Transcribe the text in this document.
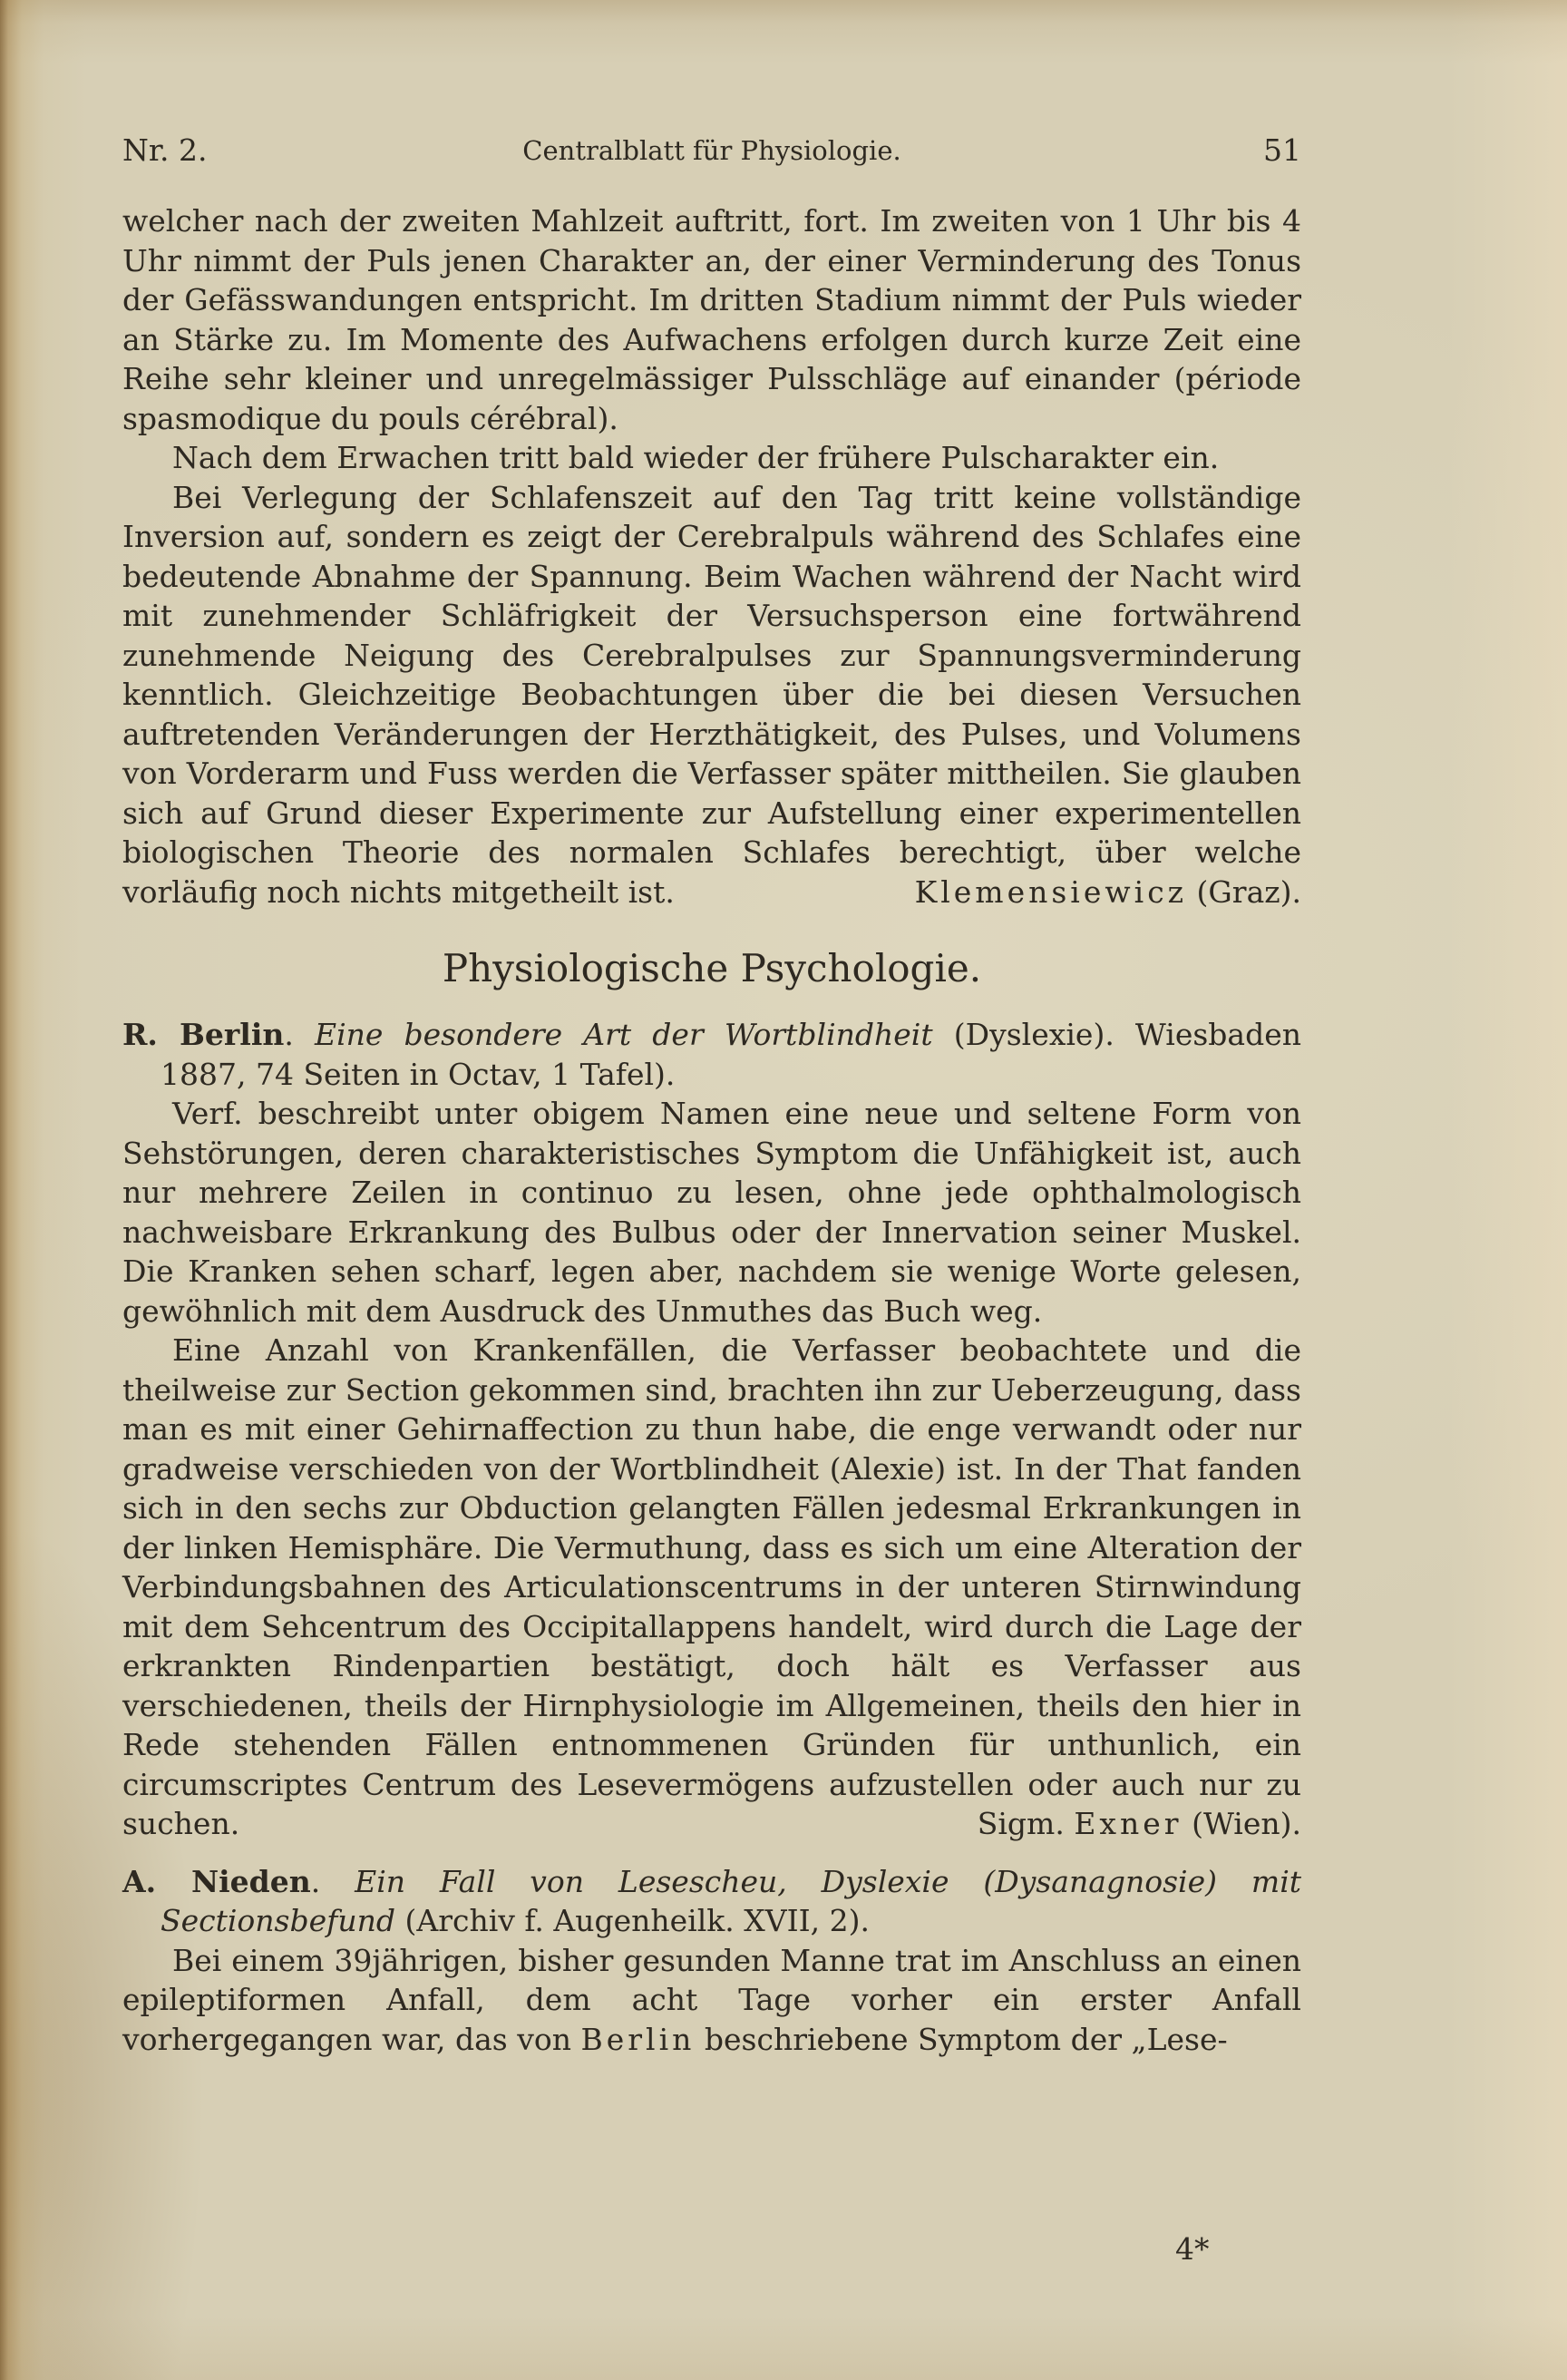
Nr. 2.	Centralblatt für Physiologie.	51

welcher nach der zweiten Mahlzeit auftritt, fort. Im zweiten von 1 Uhr bis 4 Uhr nimmt der Puls jenen Charakter an, der einer Verminderung des Tonus der Gefässwandungen entspricht. Im dritten Stadium nimmt der Puls wieder an Stärke zu. Im Momente des Aufwachens erfolgen durch kurze Zeit eine Reihe sehr kleiner und unregelmässiger Pulsschläge auf einander (période spasmodique du pouls cérébral).

Nach dem Erwachen tritt bald wieder der frühere Pulscharakter ein.

Bei Verlegung der Schlafenszeit auf den Tag tritt keine vollständige Inversion auf, sondern es zeigt der Cerebralpuls während des Schlafes eine bedeutende Abnahme der Spannung. Beim Wachen während der Nacht wird mit zunehmender Schläfrigkeit der Versuchsperson eine fortwährend zunehmende Neigung des Cerebralpulses zur Spannungsverminderung kenntlich. Gleichzeitige Beobachtungen über die bei diesen Versuchen auftretenden Veränderungen der Herzthätigkeit, des Pulses, und Volumens von Vorderarm und Fuss werden die Verfasser später mittheilen. Sie glauben sich auf Grund dieser Experimente zur Aufstellung einer experimentellen biologischen Theorie des normalen Schlafes berechtigt, über welche vorläufig noch nichts mitgetheilt ist.	Klemensiewicz (Graz).

Physiologische Psychologie.

R. Berlin. Eine besondere Art der Wortblindheit (Dyslexie). Wiesbaden 1887, 74 Seiten in Octav, 1 Tafel).

Verf. beschreibt unter obigem Namen eine neue und seltene Form von Sehstörungen, deren charakteristisches Symptom die Unfähigkeit ist, auch nur mehrere Zeilen in continuo zu lesen, ohne jede ophthalmologisch nachweisbare Erkrankung des Bulbus oder der Innervation seiner Muskel. Die Kranken sehen scharf, legen aber, nachdem sie wenige Worte gelesen, gewöhnlich mit dem Ausdruck des Unmuthes das Buch weg.

Eine Anzahl von Krankenfällen, die Verfasser beobachtete und die theilweise zur Section gekommen sind, brachten ihn zur Ueberzeugung, dass man es mit einer Gehirnaffection zu thun habe, die enge verwandt oder nur gradweise verschieden von der Wortblindheit (Alexie) ist. In der That fanden sich in den sechs zur Obduction gelangten Fällen jedesmal Erkrankungen in der linken Hemisphäre. Die Vermuthung, dass es sich um eine Alteration der Verbindungsbahnen des Articulationscentrums in der unteren Stirnwindung mit dem Sehcentrum des Occipitallappens handelt, wird durch die Lage der erkrankten Rindenpartien bestätigt, doch hält es Verfasser aus verschiedenen, theils der Hirnphysiologie im Allgemeinen, theils den hier in Rede stehenden Fällen entnommenen Gründen für unthunlich, ein circumscriptes Centrum des Lesevermögens aufzustellen oder auch nur zu suchen.	Sigm. Exner (Wien).

A. Nieden. Ein Fall von Lesescheu, Dyslexie (Dysanagnosie) mit Sectionsbefund (Archiv f. Augenheilk. XVII, 2).

Bei einem 39jährigen, bisher gesunden Manne trat im Anschluss an einen epileptiformen Anfall, dem acht Tage vorher ein erster Anfall vorhergegangen war, das von Berlin beschriebene Symptom der „Lese-

4*
